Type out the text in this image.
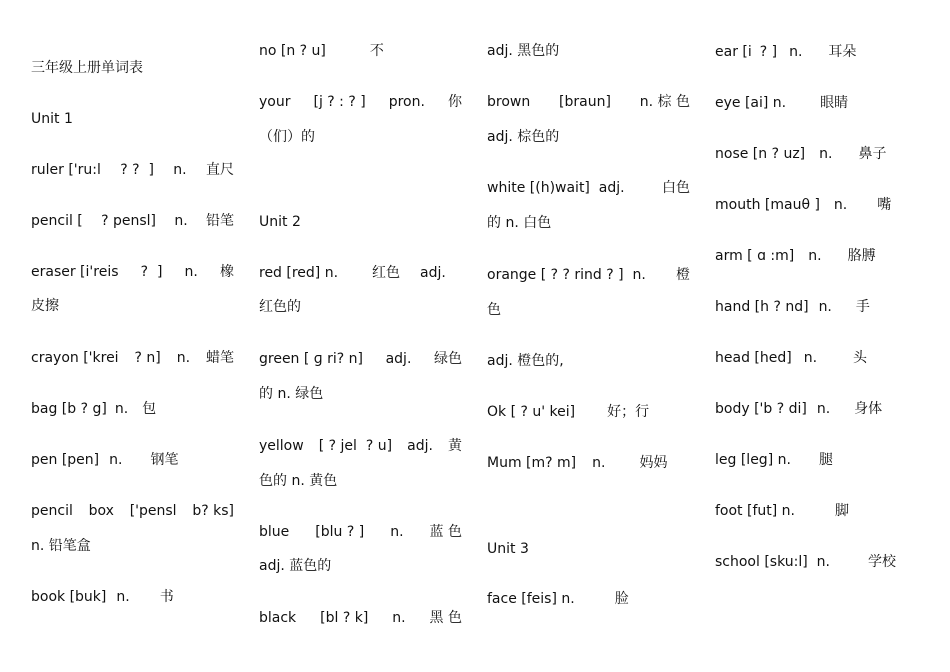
三年级上册单词表
Unit 1
ruler ['ru:l ? ?  ] n. 直尺
pencil [ ? pensl] n. 铅笔
eraser [i'reis ?  ] n. 橡
皮擦
crayon ['krei ? n] n. 蜡笔
bag [b ? g] n. 包
pen [pen] n. 钢笔
pencil box ['pensl b? ks]
n. 铅笔盒
book [buk] n. 书
no [n ? u]	不
your [j ? : ? ] pron. 你
（们）的
Unit 2
red [red] n. 红色 adj.
红色的
green [ ɡ ri? n] adj. 绿色
的 n. 绿色
yellow [ ? jel  ? u] adj. 黄
色的 n. 黄色
blue [blu ? ] n. 蓝 色
adj. 蓝色的
black [bl ? k] n. 黑 色
adj. 黑色的
brown [braun] n. 棕 色
adj. 棕色的
white [(h)wait]  adj.	白色
的 n. 白色
orange [ ? ? rind ? ]  n. 橙
色
adj. 橙色的,
Ok [ ? u' kei] 好；行
Mum [m? m] n. 妈妈
Unit 3
face [feis] n.	脸
ear [i ? ] n. 耳朵
eye [ai] n. 眼睛
nose [n ? uz] n. 鼻子
mouth [mauθ ] n. 嘴
arm [ ɑ :m] n. 胳膊
hand [h ? nd] n. 手
head [hed] n.	头
body ['b ? di] n. 身体
leg [leg] n. 腿
foot [fut] n.	脚
school [sku:l]  n.	学校
